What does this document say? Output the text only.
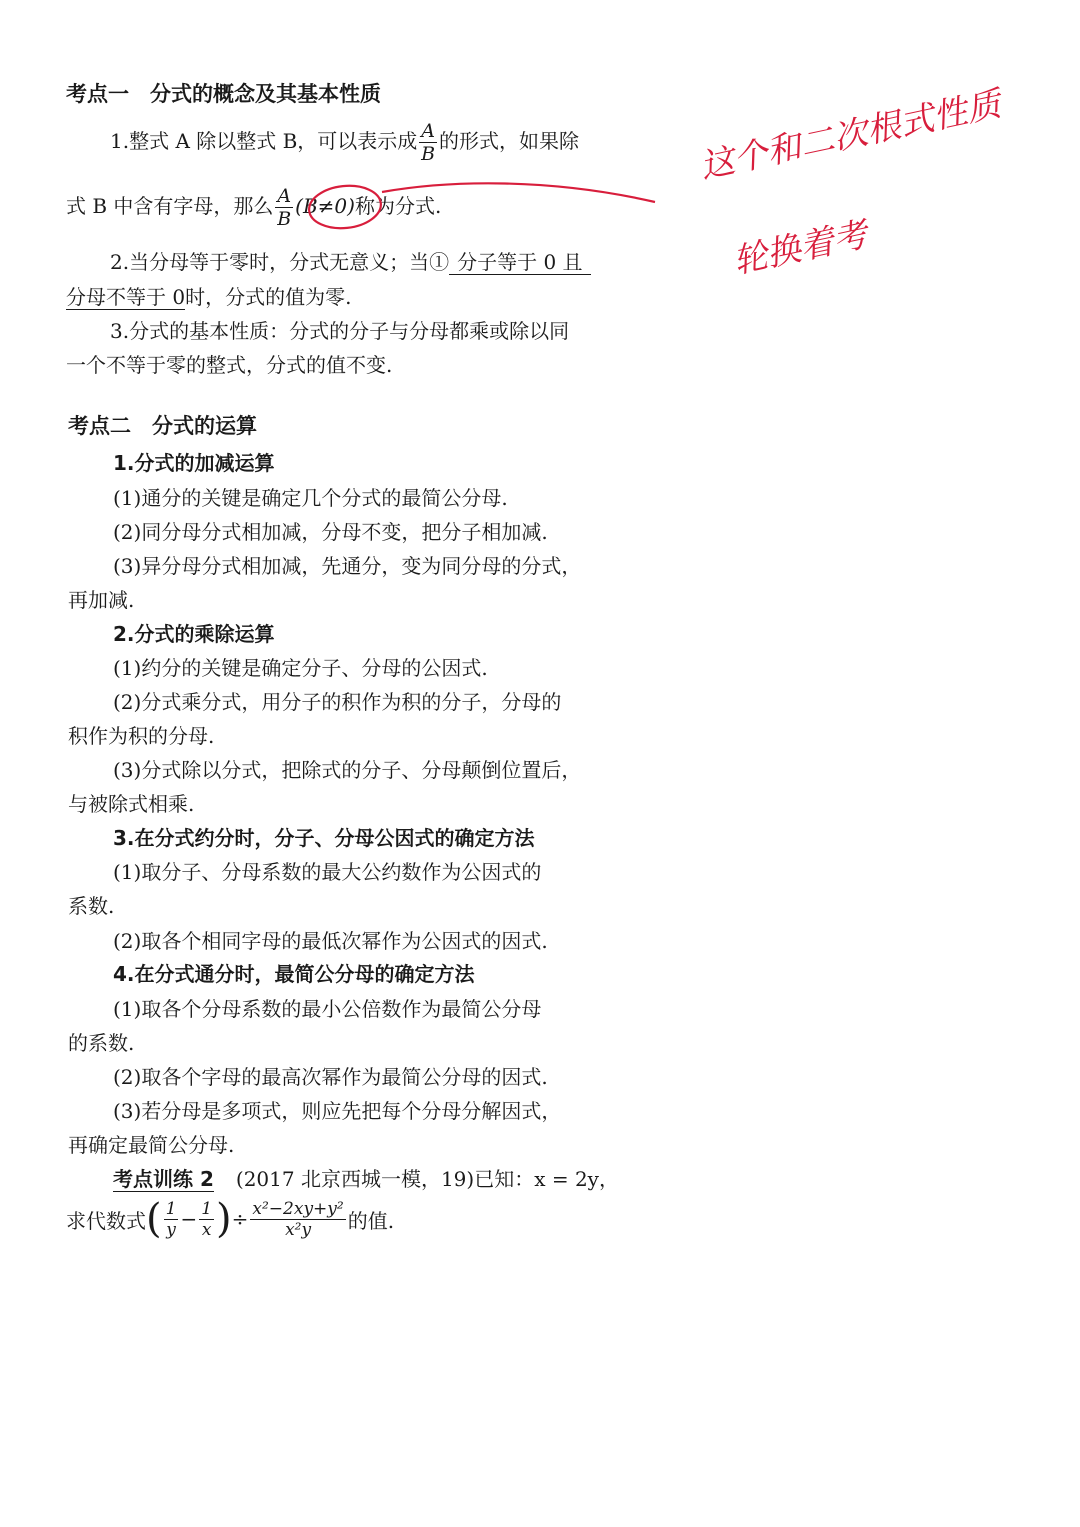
考点一　分式的概念及其基本性质
1.整式 A 除以整式 B，可以表示成 $\frac{A}{B}$ 的形式，如果除
式 B 中含有字母，那么 $\frac{A}{B} (B\ne 0)$称为分式.
2.当分母等于零时，分式无意义；当① 分子等于 0 且
分母不等于 0时，分式的值为零.
3.分式的基本性质：分式的分子与分母都乘或除以同
一个不等于零的整式，分式的值不变.
这个和二次根式性质
轮换着考
考点二　分式的运算
1.分式的加减运算
(1)通分的关键是确定几个分式的最简公分母.
(2)同分母分式相加减，分母不变，把分子相加减.
(3)异分母分式相加减，先通分，变为同分母的分式，
再加减.
2.分式的乘除运算
(1)约分的关键是确定分子、分母的公因式.
(2)分式乘分式，用分子的积作为积的分子，分母的
积作为积的分母.
(3)分式除以分式，把除式的分子、分母颠倒位置后，
与被除式相乘.
3.在分式约分时，分子、分母公因式的确定方法
(1)取分子、分母系数的最大公约数作为公因式的
系数.
(2)取各个相同字母的最低次幂作为公因式的因式.
4.在分式通分时，最简公分母的确定方法
(1)取各个分母系数的最小公倍数作为最简公分母
的系数.
(2)取各个字母的最高次幂作为最简公分母的因式.
(3)若分母是多项式，则应先把每个分母分解因式，
再确定最简公分母.
考点训练 2 (2017 北京西城一模，19)已知：x = 2y，
求代数式 ( $\frac{1}{y} - \frac{1}{x}$ ) ÷ $\frac{\text{x²−2xy+y²}}{\text{x²y}}$ 的值.
